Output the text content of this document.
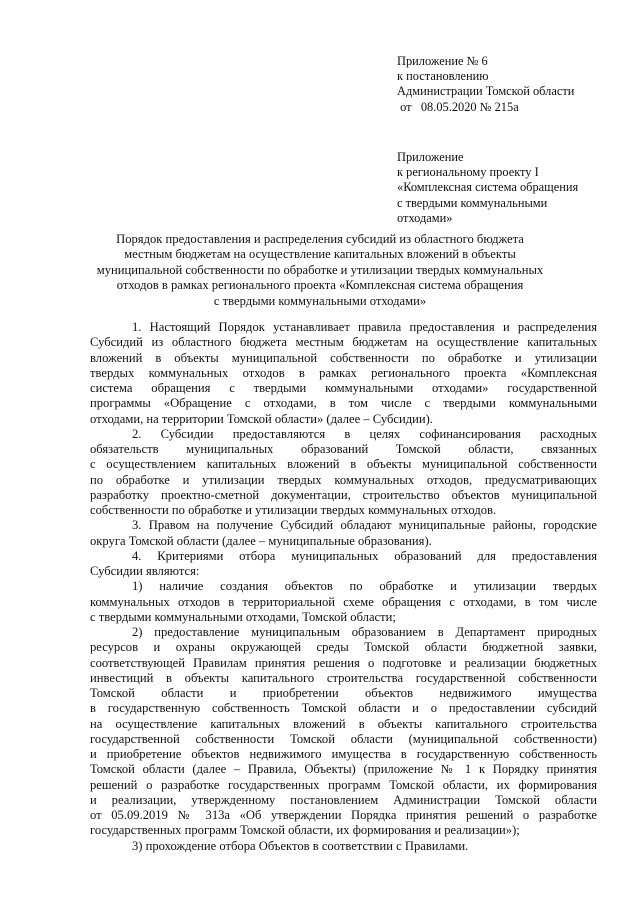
Приложение № 6
к постановлению
Администрации Томской области
от   08.05.2020 № 215а
Приложение
к региональному проекту I
«Комплексная система обращения
с твердыми коммунальными
отходами»
Порядок предоставления и распределения субсидий из областного бюджета
местным бюджетам на осуществление капитальных вложений в объекты
муниципальной собственности по обработке и утилизации твердых коммунальных
отходов в рамках регионального проекта «Комплексная система обращения
с твердыми коммунальными отходами»
1. Настоящий Порядок устанавливает правила предоставления и распределения
Субсидий из областного бюджета местным бюджетам на осуществление капитальных
вложений в объекты муниципальной собственности по обработке и утилизации
твердых коммунальных отходов в рамках регионального проекта «Комплексная
система обращения с твердыми коммунальными отходами» государственной
программы «Обращение с отходами, в том числе с твердыми коммунальными
отходами, на территории Томской области» (далее – Субсидии).
2. Субсидии предоставляются в целях софинансирования расходных
обязательств муниципальных образований Томской области, связанных
с осуществлением капитальных вложений в объекты муниципальной собственности
по обработке и утилизации твердых коммунальных отходов, предусматривающих
разработку проектно-сметной документации, строительство объектов муниципальной
собственности по обработке и утилизации твердых коммунальных отходов.
3. Правом на получение Субсидий обладают муниципальные районы, городские
округа Томской области (далее – муниципальные образования).
4. Критериями отбора муниципальных образований для предоставления
Субсидии являются:
1) наличие создания объектов по обработке и утилизации твердых
коммунальных отходов в территориальной схеме обращения с отходами, в том числе
с твердыми коммунальными отходами, Томской области;
2) предоставление муниципальным образованием в Департамент природных
ресурсов и охраны окружающей среды Томской области бюджетной заявки,
соответствующей Правилам принятия решения о подготовке и реализации бюджетных
инвестиций в объекты капитального строительства государственной собственности
Томской области и приобретении объектов недвижимого имущества
в государственную собственность Томской области и о предоставлении субсидий
на осуществление капитальных вложений в объекты капитального строительства
государственной собственности Томской области (муниципальной собственности)
и приобретение объектов недвижимого имущества в государственную собственность
Томской области (далее – Правила, Объекты) (приложение № 1 к Порядку принятия
решений о разработке государственных программ Томской области, их формирования
и реализации, утвержденному постановлением Администрации Томской области
от 05.09.2019 № 313а «Об утверждении Порядка принятия решений о разработке
государственных программ Томской области, их формирования и реализации»);
3) прохождение отбора Объектов в соответствии с Правилами.
